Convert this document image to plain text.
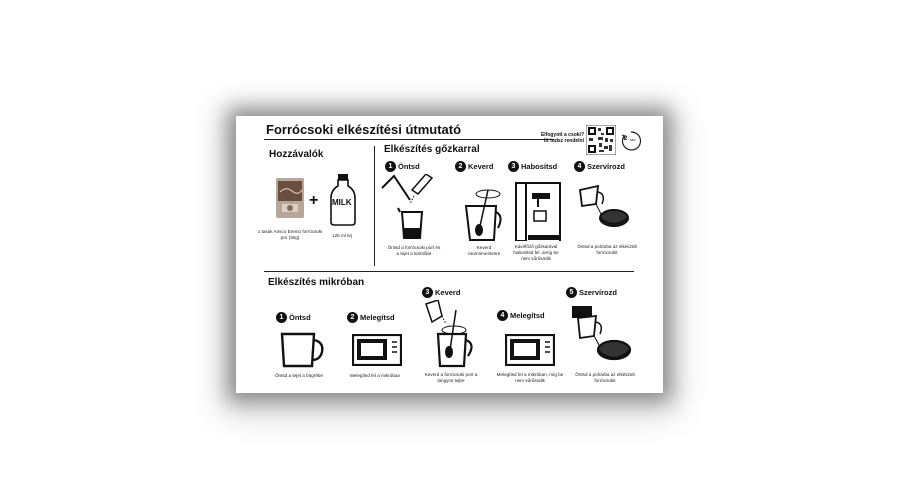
Forrócsoki elkészítési útmutató	Elfogyott a csoki?
Itt tudsz rendelni	2 sec
Hozzávalók
+ MILK
1 tasak Amico Eremo forrócsoki por (30g)	125 ml tej
Elkészítés gőzkarral
1 Öntsd	2 Keverd	3 Habosítsd	4 Szervírozd
Öntsd a forrócsoki port és a tejet a kiöntőbe
Keverd csomómentesre
Kávéfőző gőzkarával habosítsd fel, amíg be nem sűrűsödik
Öntsd a pohárba az elkészült forrócsokit
Elkészítés mikróban
3 Keverd	5 Szervírozd
1 Öntsd	2 Melegítsd	4 Melegítsd
Öntsd a tejet a bögrébe	Melegítsd fel a mikróban	Keverd a forrócsoki port a langyos tejbe
Melegítsd fel a mikróban, míg be nem sűrűsödik
Öntsd a pohárba az elkészült forrócsokit
